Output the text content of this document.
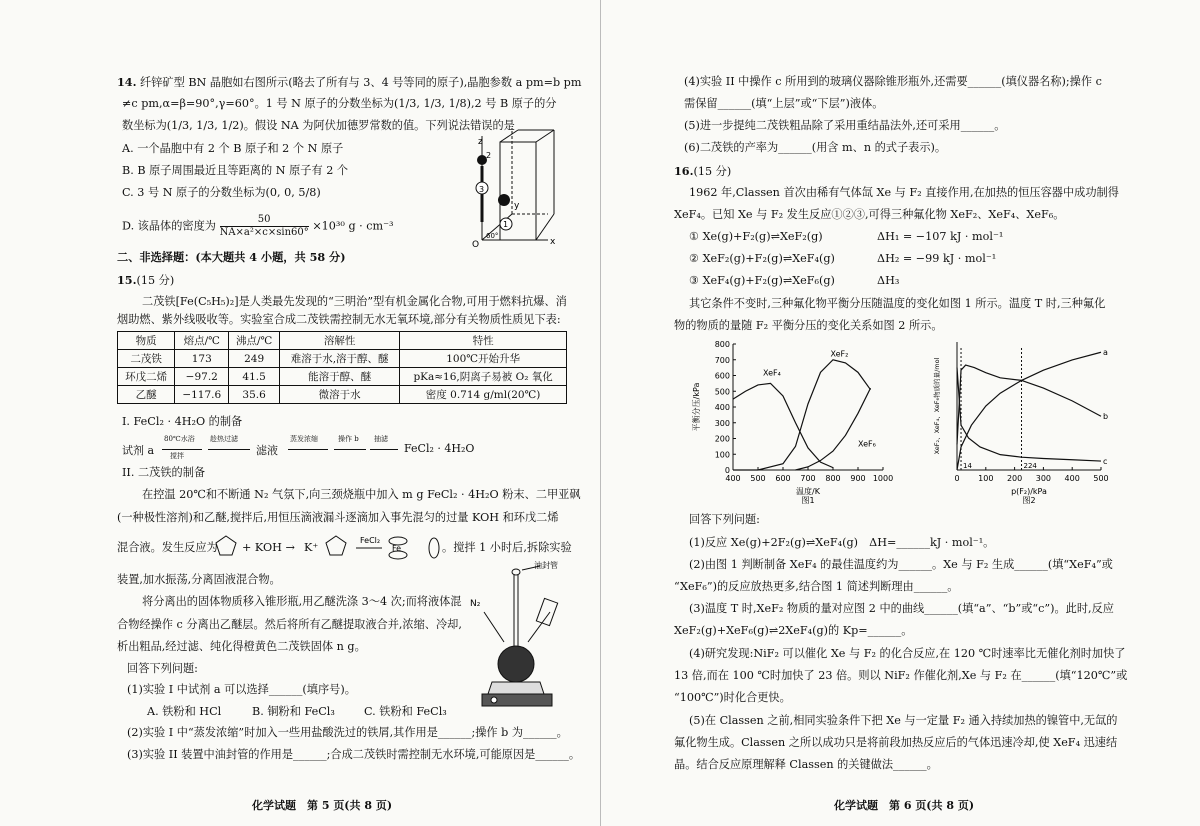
14. 纤锌矿型 BN 晶胞如右图所示(略去了所有与 3、4 号等同的原子),晶胞参数 a pm=b pm
≠c pm,α=β=90°,γ=60°。1 号 N 原子的分数坐标为(1/3, 1/3, 1/8),2 号 B 原子的分
数坐标为(1/3, 1/3, 1/2)。假设 NA 为阿伏加德罗常数的值。下列说法错误的是
A. 一个晶胞中有 2 个 B 原子和 2 个 N 原子
B. B 原子周围最近且等距离的 N 原子有 2 个
C. 3 号 N 原子的分数坐标为(0, 0, 5/8)
D. 该晶体的密度为 $\frac{50}{\text{NA×a²×c×sin60°}} \times 10^{30}$ g · cm⁻³
z
2
3
1
y
x
O
60°
二、非选择题：(本大题共 4 小题，共 58 分)
15.(15 分)
二茂铁[Fe(C₅H₅)₂]是人类最先发现的“三明治”型有机金属化合物,可用于燃料抗爆、消
烟助燃、紫外线吸收等。实验室合成二茂铁需控制无水无氧环境,部分有关物质性质见下表:
物质	熔点/℃	沸点/℃	溶解性	特性
二茂铁	173	249	难溶于水,溶于醇、醚	100℃开始升华
环戊二烯	−97.2	41.5	能溶于醇、醚	pKa≈16,阴离子易被 O₂ 氧化
乙醚	−117.6	35.6	微溶于水	密度 0.714 g/ml(20℃)
I. FeCl₂ · 4H₂O 的制备
试剂 a
80℃水浴
搅拌
趁热过滤
滤液
蒸发浓缩	操作 b 抽滤
FeCl₂ · 4H₂O
II. 二茂铁的制备
在控温 20℃和不断通 N₂ 气氛下,向三颈烧瓶中加入 m g FeCl₂ · 4H₂O 粉末、二甲亚砜
(一种极性溶剂)和乙醚,搅拌后,用恒压滴液漏斗逐滴加入事先混匀的过量 KOH 和环戊二烯
混合液。发生反应为
FeCl₂
Fe
+ KOH → K⁺	。搅拌 1 小时后,拆除实验
装置,加水振荡,分离固液混合物。
将分离出的固体物质移入锥形瓶,用乙醚洗涤 3～4 次;而将液体混
合物经操作 c 分离出乙醚层。然后将所有乙醚提取液合并,浓缩、冷却,
析出粗品,经过滤、纯化得橙黄色二茂铁固体 n g。
油封管
N₂
回答下列问题:
(1)实验 I 中试剂 a 可以选择______(填序号)。
A. 铁粉和 HCl	B. 铜粉和 FeCl₃	C. 铁粉和 FeCl₃
(2)实验 I 中“蒸发浓缩”时加入一些用盐酸洗过的铁屑,其作用是______;操作 b 为______。
(3)实验 II 装置中油封管的作用是______;合成二茂铁时需控制无水环境,可能原因是______。
化学试题　第 5 页(共 8 页)
(4)实验 II 中操作 c 所用到的玻璃仪器除锥形瓶外,还需要______(填仪器名称);操作 c
需保留______(填“上层”或“下层”)液体。
(5)进一步提纯二茂铁粗品除了采用重结晶法外,还可采用______。
(6)二茂铁的产率为______(用含 m、n 的式子表示)。
16.(15 分)
1962 年,Classen 首次由稀有气体氙 Xe 与 F₂ 直接作用,在加热的恒压容器中成功制得
XeF₄。已知 Xe 与 F₂ 发生反应①②③,可得三种氟化物 XeF₂、XeF₄、XeF₆。
① Xe(g)+F₂(g)⇌XeF₂(g)	ΔH₁ = −107 kJ · mol⁻¹
② XeF₂(g)+F₂(g)⇌XeF₄(g)	ΔH₂ = −99 kJ · mol⁻¹
③ XeF₄(g)+F₂(g)⇌XeF₆(g)	ΔH₃
其它条件不变时,三种氟化物平衡分压随温度的变化如图 1 所示。温度 T 时,三种氟化
物的物质的量随 F₂ 平衡分压的变化关系如图 2 所示。
400 500 600 700 800 900 1000
0
100
200
300
400
500
600
700
800
XeF₄
XeF₂
XeF₆
温度/K
图1
平衡分压/kPa
0 100 200 300 400 500
14	224
a
b
c
p(F₂)/kPa
图2
XeF₂、XeF₄、XeF₆物质的量/mol
回答下列问题:
(1)反应 Xe(g)+2F₂(g)⇌XeF₄(g)　ΔH=______kJ · mol⁻¹。
(2)由图 1 判断制备 XeF₄ 的最佳温度约为______。Xe 与 F₂ 生成______(填“XeF₄”或
“XeF₆”)的反应放热更多,结合图 1 简述判断理由______。
(3)温度 T 时,XeF₂ 物质的量对应图 2 中的曲线______(填“a”、“b”或“c”)。此时,反应
XeF₂(g)+XeF₆(g)⇌2XeF₄(g)的 Kp=______。
(4)研究发现:NiF₂ 可以催化 Xe 与 F₂ 的化合反应,在 120 ℃时速率比无催化剂时加快了
13 倍,而在 100 ℃时加快了 23 倍。则以 NiF₂ 作催化剂,Xe 与 F₂ 在______(填“120℃”或
“100℃”)时化合更快。
(5)在 Classen 之前,相同实验条件下把 Xe 与一定量 F₂ 通入持续加热的镍管中,无氙的
氟化物生成。Classen 之所以成功只是将前段加热反应后的气体迅速冷却,使 XeF₄ 迅速结
晶。结合反应原理解释 Classen 的关键做法______。
化学试题　第 6 页(共 8 页)
